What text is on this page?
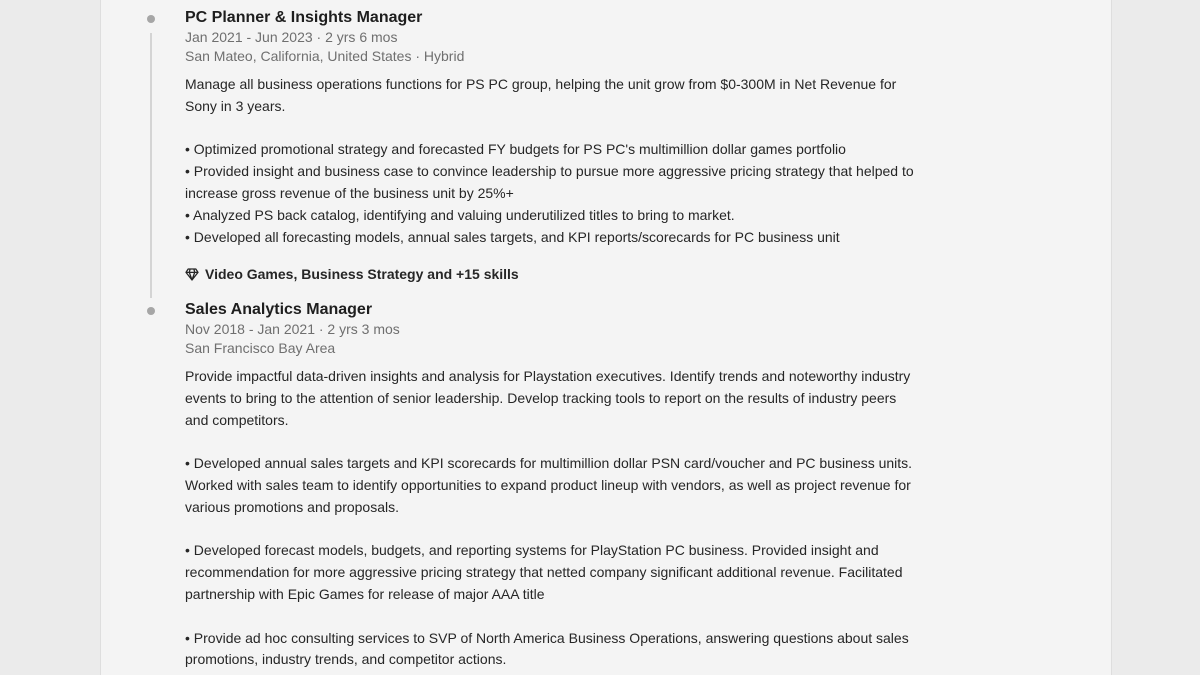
PC Planner & Insights Manager
Jan 2021 - Jun 2023 · 2 yrs 6 mos
San Mateo, California, United States · Hybrid
Manage all business operations functions for PS PC group, helping the unit grow from $0-300M in Net Revenue for Sony in 3 years.

• Optimized promotional strategy and forecasted FY budgets for PS PC's multimillion dollar games portfolio
• Provided insight and business case to convince leadership to pursue more aggressive pricing strategy that helped to increase gross revenue of the business unit by 25%+
• Analyzed PS back catalog, identifying and valuing underutilized titles to bring to market.
• Developed all forecasting models, annual sales targets, and KPI reports/scorecards for PC business unit
Video Games, Business Strategy and +15 skills
Sales Analytics Manager
Nov 2018 - Jan 2021 · 2 yrs 3 mos
San Francisco Bay Area
Provide impactful data-driven insights and analysis for Playstation executives. Identify trends and noteworthy industry events to bring to the attention of senior leadership. Develop tracking tools to report on the results of industry peers and competitors.

• Developed annual sales targets and KPI scorecards for multimillion dollar PSN card/voucher and PC business units. Worked with sales team to identify opportunities to expand product lineup with vendors, as well as project revenue for various promotions and proposals.

• Developed forecast models, budgets, and reporting systems for PlayStation PC business. Provided insight and recommendation for more aggressive pricing strategy that netted company significant additional revenue. Facilitated partnership with Epic Games for release of major AAA title

• Provide ad hoc consulting services to SVP of North America Business Operations, answering questions about sales promotions, industry trends, and competitor actions.
